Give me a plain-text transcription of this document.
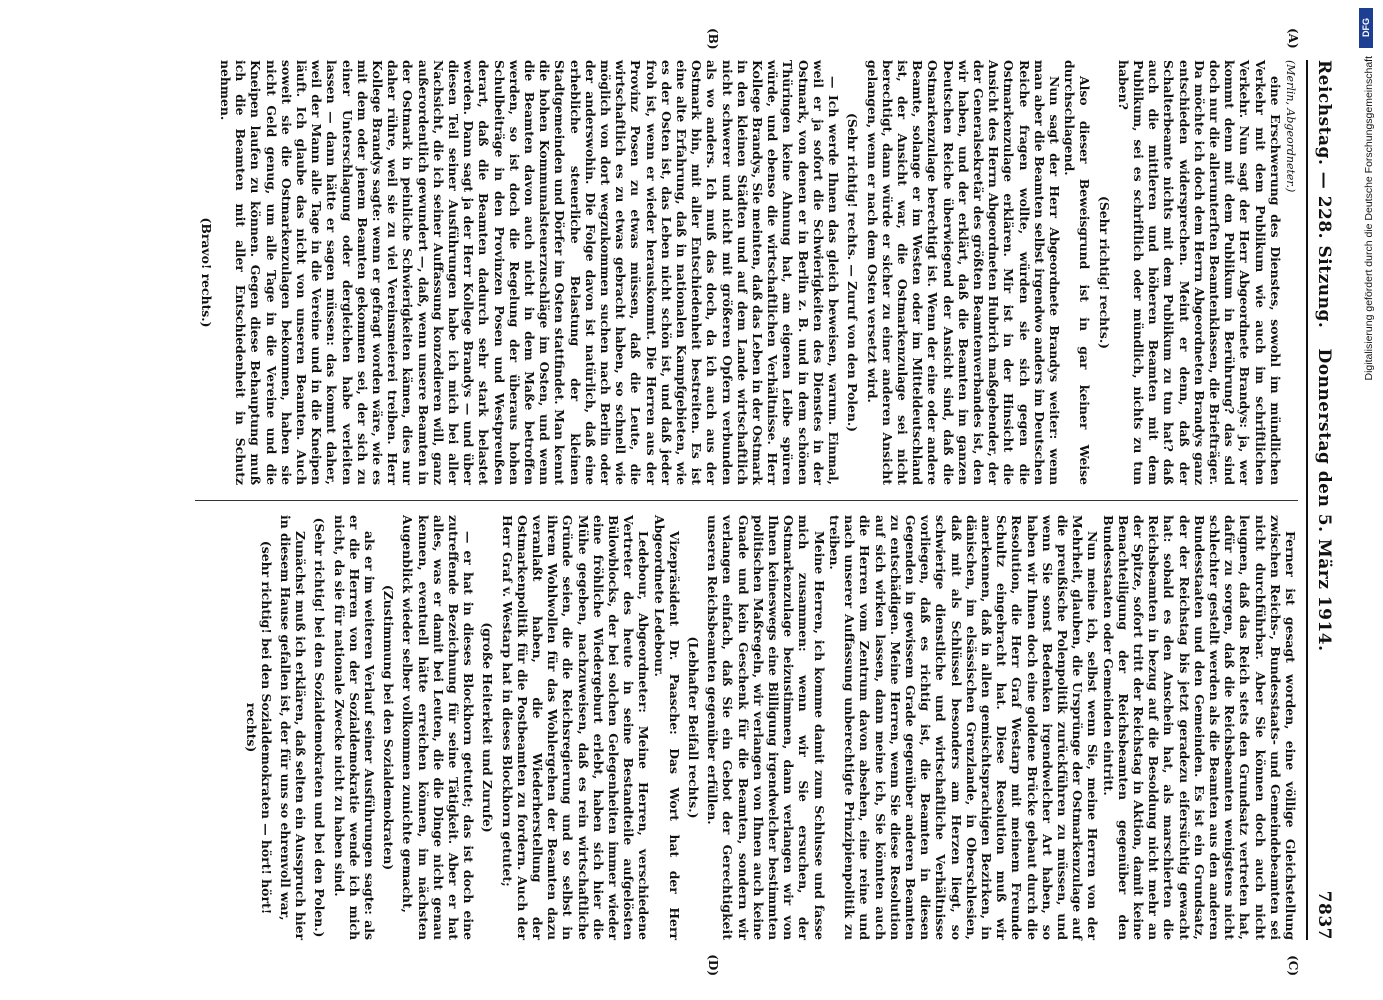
Reichstag. — 228. Sitzung.
Donnerstag den 5. März 1914.
7837

(Merlin, Abgeordneter.)

eine Erschwerung des Dienstes, sowohl im mündlichen Verkehr mit dem Publikum wie auch im schriftlichen Verkehr. Nun sagt der Herr Abgeordnete Brandys: ja, wer kommt denn mit dem Publikum in Berührung? das sind doch nur die allerunterſten Beamtenklassen, die Briefträger. Da möchte ich doch dem Herrn Abgeordneten Brandys ganz entschieden widersprechen. Meint er denn, daß der Schalterbeamte nichts mit dem Publikum zu tun hat? daß auch die mittleren und höheren Beamten mit dem Publikum, sei es schriftlich oder mündlich, nichts zu tun haben?

(Sehr richtig! rechts.)

Also dieser Beweisgrund ist in gar keiner Weise durchschlagend.

Nun sagt der Herr Abgeordnete Brandys weiter: wenn man aber die Beamten selbst irgendwo anders im Deutschen Reiche fragen wollte, würden sie sich gegen die Ostmarkenzulage erklären. Mir ist in der Hinsicht die Ansicht des Herrn Abgeordneten Hubrich maßgebender, der der Generalsekretär des größten Beamtenverbandes ist, den wir haben, und der erklärt, daß die Beamten im ganzen Deutschen Reiche überwiegend der Ansicht sind, daß die Ostmarkenzulage berechtigt ist. Wenn der eine oder andere Beamte, solange er im Westen oder im Mitteldeutschland ist, der Ansicht war, die Ostmarkenzulage sei nicht berechtigt, dann würde er sicher zu einer anderen Ansicht gelangen, wenn er nach dem Osten versetzt wird.

(Sehr richtig! rechts. — Zuruf von den Polen.)

— Ich werde Ihnen das gleich beweisen, warum. Einmal, weil er ja sofort die Schwierigkeiten des Dienstes in der Ostmark, von denen er in Berlin z. B. und in dem schönen Thüringen keine Ahnung hat, am eigenen Leibe spüren würde, und ebenso die wirtschaftlichen Verhältnisse. Herr Kollege Brandys, Sie meinten, daß das Leben in der Ostmark in den kleinen Städten und auf dem Lande wirtschaftlich nicht schwerer und nicht mit größeren Opfern verbunden als wo anders. Ich muß das doch, da ich auch aus der Ostmark bin, mit aller Entschiedenheit bestreiten. Es ist eine alte Erfahrung, daß in nationalen Kampfgebieten, wie es der Osten ist, das Leben nicht schön ist, und daß jeder froh ist, wenn er wieder herauskommt. Die Herren aus der Provinz Posen zu etwas müssen, daß die Leute, die wirtschaftlich es zu etwas gebracht haben, so schnell wie möglich von dort wegzukommen suchen nach Berlin oder der anderswohin. Die Folge davon ist natürlich, daß eine erhebliche steuerliche Belastung der kleinen Stadtgemeinden und Dörfer im Osten stattfindet. Man kennt die hohen Kommunalsteuerzuschläge im Osten, und wenn die Beamten davon auch nicht in dem Maße betroffen werden, so ist doch die Regelung der überaus hohen Schulbeiträge in den Provinzen Posen und Westpreußen derart, daß die Beamten dadurch sehr stark belastet werden. Dann sagt ja der Herr Kollege Brandys — und über diesen Teil seiner Ausführungen habe ich mich bei aller Nachsicht, die ich seiner Auffassung konzedieren will, ganz außerordentlich gewundert —, daß, wenn unsere Beamten in der Ostmark in peinliche Schwierigkeiten kämen, dies nur daher rühre, weil sie zu viel Vereinsmeierei treiben. Herr Kollege Brandys sagte: wenn er gefragt worden wäre, wie es mit dem oder jenem Beamten gekommen sei, der sich zu einer Unterschlagung oder dergleichen habe verleiten lassen — dann hätte er sagen müssen: das kommt daher, weil der Mann alle Tage in die Vereine und in die Kneipen läuft. Ich glaube das nicht von unseren Beamten. Auch soweit sie die Ostmarkenzulagen bekommen, haben sie nicht Geld genug, um alle Tage in die Vereine und die Kneipen laufen zu können. Gegen diese Behauptung muß ich die Beamten mit aller Entschiedenheit in Schutz nehmen.

(Bravo! rechts.)

Ferner ist gesagt worden, eine völlige Gleichstellung zwischen Reichs-, Bundesstaats- und Gemeindebeamten sei nicht durchführbar. Aber Sie können doch auch nicht leugnen, daß das Reich stets den Grundsatz vertreten hat, dafür zu sorgen, daß die Reichsbeamten wenigstens nicht schlechter gestellt werden als die Beamten aus den anderen Bundesstaaten und den Gemeinden. Es ist ein Grundsatz, der der Reichstag bis jetzt geradezu eifersüchtig gewacht hat: sobald es den Anschein hat, als marschierten die Reichsbeamten in bezug auf die Besoldung nicht mehr an der Spitze, sofort tritt der Reichstag in Aktion, damit keine Benachteiligung der Reichsbeamten gegenüber den Bundesstaaten oder Gemeinden eintritt.

Nun meine ich, selbst wenn Sie, meine Herren von der Mehrheit, glauben, die Ursprünge der Ostmarkenzulage auf die preußische Polenpolitik zurückführen zu müssen, und wenn Sie sonst Bedenken irgendwelcher Art haben, so haben wir Ihnen doch eine goldene Brücke gebaut durch die Resolution, die Herr Graf Westarp mit meinem Freunde Schultz eingebracht hat. Diese Resolution muß wir anerkennen, daß in allen gemischtsprachigen Bezirken, in dänischen, im elsässischen Grenzlande, in Oberschlesien, daß mit als Schlüssel besonders am Herzen liegt, so schwierige dienstliche und wirtschaftliche Verhältnisse vorliegen, daß es richtig ist, die Beamten in diesen Gegenden in gewissem Grade gegenüber anderen Beamten zu entschädigen. Meine Herren, wenn Sie diese Resolution auf sich wirken lassen, dann meine ich, Sie könnten auch die Herren vom Zentrum davon absehen, eine reine und nach unserer Auffassung unberechtigte Prinzipienpolitik zu treiben.

Meine Herren, ich komme damit zum Schlusse und fasse mich zusammen: wenn wir Sie ersuchen, der Ostmarkenzulage beizustimmen, dann verlangen wir von Ihnen keineswegs eine Billigung irgendwelcher bestimmten politischen Maßregeln, wir verlangen von Ihnen auch keine Gnade und kein Geschenk für die Beamten, sondern wir verlangen einfach, daß Sie ein Gebot der Gerechtigkeit unseren Reichsbeamten gegenüber erfüllen.

(Lebhafter Beifall rechts.)

Vizepräsident Dr. Paasche: Das Wort hat der Herr Abgeordnete Ledebour.

Ledebour, Abgeordneter: Meine Herren, verschiedene Vertreter des heute in seine Bestandteile aufgelösten Bülowblocks, der bei solchen Gelegenheiten immer wieder eine fröhliche Wiedergeburt erlebt, haben sich hier die Mühe gegeben, nachzuweisen, daß es rein wirtschaftliche Gründe seien, die die Reichsregierung und so selbst in ihrem Wohlwollen für das Wohlergehen der Beamten dazu veranlaßt haben, die Wiederherstellung der Ostmarkenpolitik für die Postbeamten zu fordern. Auch der Herr Graf v. Westarp hat in dieses Blockhorn getutet;

(große Heiterkeit und Zurufe)

— er hat in dieses Blockhorn getutet; das ist doch eine zutreffende Bezeichnung für seine Tätigkeit. Aber er hat alles, was er damit bei Leuten, die die Dinge nicht genau kennen, eventuell hätte erreichen können, im nächsten Augenblick wieder selber vollkommen zunichte gemacht,

(Zustimmung bei den Sozialdemokraten)

als er im weiteren Verlauf seiner Ausführungen sagte: als er die Herren von der Sozialdemokratie wende ich mich nicht, da sie für nationale Zwecke nicht zu haben sind.

(Sehr richtig! bei den Sozialdemokraten und bei den Polen.)

Zunächst muß ich erklären, daß selten ein Ausspruch hier in diesem Hause gefallen ist, der für uns so ehrenvoll war,

(sehr richtig! bei den Sozialdemokraten — hört! hört! rechts)

(A)
(B)
(C)
(D)
DFG
Digitalisierung gefördert durch die Deutsche Forschungsgemeinschaft
